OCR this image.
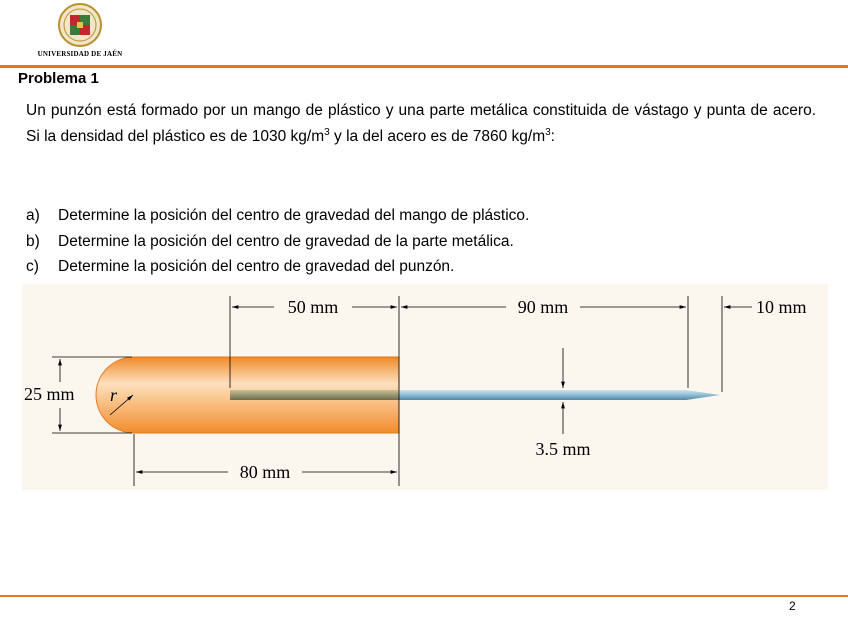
UNIVERSIDAD DE JAÉN
Problema 1
Un punzón está formado por un mango de plástico y una parte metálica constituida de vástago y punta de acero. Si la densidad del plástico es de 1030 $kg/m^3$ y la del acero es de 7860 $kg/m^3$:
a)	Determine la posición del centro de gravedad del mango de plástico.
b)	Determine la posición del centro de gravedad de la parte metálica.
c)	Determine la posición del centro de gravedad del punzón.
50 mm	90 mm	10 mm
25 mm r
3.5 mm
80 mm
2
